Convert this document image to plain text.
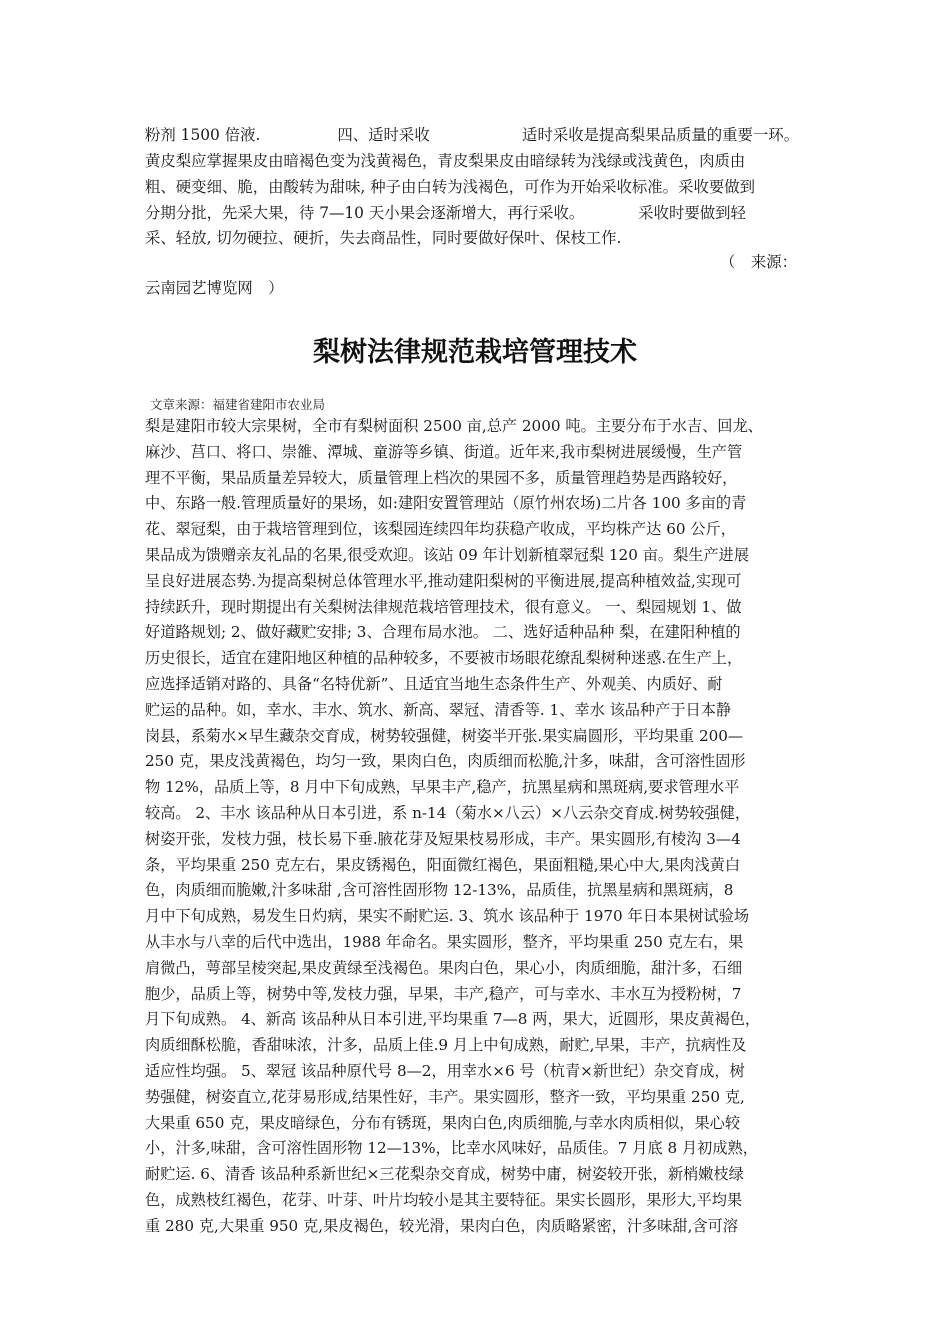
粉剂 1500 倍液.　　　　　四、适时采收　　　　　　适时采收是提高梨果品质量的重要一环。
黄皮梨应掌握果皮由暗褐色变为浅黄褐色，青皮梨果皮由暗绿转为浅绿或浅黄色，肉质由
粗、硬变细、脆，由酸转为甜味, 种子由白转为浅褐色，可作为开始采收标准。采收要做到
分期分批，先采大果，待 7—10 天小果会逐渐增大，再行采收。　　　　采收时要做到轻
采、轻放, 切勿硬拉、硬折，失去商品性，同时要做好保叶、保枝工作.
（　来源：
云南园艺博览网　）
梨树法律规范栽培管理技术
文章来源：福建省建阳市农业局
梨是建阳市较大宗果树，全市有梨树面积 2500 亩,总产 2000 吨。主要分布于水吉、回龙、
麻沙、莒口、将口、崇雒、潭城、童游等乡镇、街道。近年来,我市梨树进展缓慢，生产管
理不平衡，果品质量差异较大，质量管理上档次的果园不多，质量管理趋势是西路较好，
中、东路一般.管理质量好的果场，如:建阳安置管理站（原竹州农场)二片各 100 多亩的青
花、翠冠梨，由于栽培管理到位，该梨园连续四年均获稳产收成，平均株产达 60 公斤，
果品成为馈赠亲友礼品的名果,很受欢迎。该站 09 年计划新植翠冠梨 120 亩。梨生产进展
呈良好进展态势.为提高梨树总体管理水平,推动建阳梨树的平衡进展,提高种植效益,实现可
持续跃升，现时期提出有关梨树法律规范栽培管理技术，很有意义。 一、梨园规划 1、做
好道路规划; 2、做好藏贮安排; 3、合理布局水池。 二、选好适种品种 梨，在建阳种植的
历史很长，适宜在建阳地区种植的品种较多，不要被市场眼花缭乱梨树种迷惑.在生产上，
应选择适销对路的、具备“名特优新”、且适宜当地生态条件生产、外观美、内质好、耐
贮运的品种。如，幸水、丰水、筑水、新高、翠冠、清香等. 1、幸水 该品种产于日本静
岗县，系菊水×早生藏杂交育成，树势较强健，树姿半开张.果实扁圆形，平均果重 200—
250 克，果皮浅黄褐色，均匀一致，果肉白色，肉质细而松脆,汁多，味甜，含可溶性固形
物 12%，品质上等，8 月中下旬成熟，早果丰产,稳产，抗黑星病和黑斑病,要求管理水平
较高。 2、丰水 该品种从日本引进，系 n-14（菊水×八云）×八云杂交育成.树势较强健，
树姿开张，发枝力强，枝长易下垂.腋花芽及短果枝易形成，丰产。果实圆形,有棱沟 3—4
条，平均果重 250 克左右，果皮锈褐色，阳面微红褐色，果面粗糙,果心中大,果肉浅黄白
色，肉质细而脆嫩,汁多味甜 ,含可溶性固形物 12-13%，品质佳，抗黑星病和黑斑病，8
月中下旬成熟，易发生日灼病，果实不耐贮运. 3、筑水 该品种于 1970 年日本果树试验场
从丰水与八幸的后代中选出，1988 年命名。果实圆形，整齐，平均果重 250 克左右，果
肩微凸，萼部呈棱突起,果皮黄绿至浅褐色。果肉白色，果心小，肉质细脆，甜汁多，石细
胞少，品质上等，树势中等,发枝力强，早果，丰产,稳产，可与幸水、丰水互为授粉树，7
月下旬成熟。 4、新高 该品种从日本引进,平均果重 7—8 两，果大，近圆形，果皮黄褐色，
肉质细酥松脆，香甜味浓，汁多，品质上佳.9 月上中旬成熟，耐贮,早果，丰产，抗病性及
适应性均强。 5、翠冠 该品种原代号 8—2，用幸水×6 号（杭青×新世纪）杂交育成，树
势强健，树姿直立,花芽易形成,结果性好，丰产。果实圆形，整齐一致，平均果重 250 克,
大果重 650 克，果皮暗绿色，分布有锈斑，果肉白色,肉质细脆,与幸水肉质相似，果心较
小，汁多,味甜，含可溶性固形物 12—13%，比幸水风味好，品质佳。7 月底 8 月初成熟，
耐贮运. 6、清香 该品种系新世纪×三花梨杂交育成，树势中庸，树姿较开张，新梢嫩枝绿
色，成熟枝红褐色，花芽、叶芽、叶片均较小是其主要特征。果实长圆形，果形大,平均果
重 280 克,大果重 950 克,果皮褐色，较光滑，果肉白色，肉质略紧密，汁多味甜,含可溶
